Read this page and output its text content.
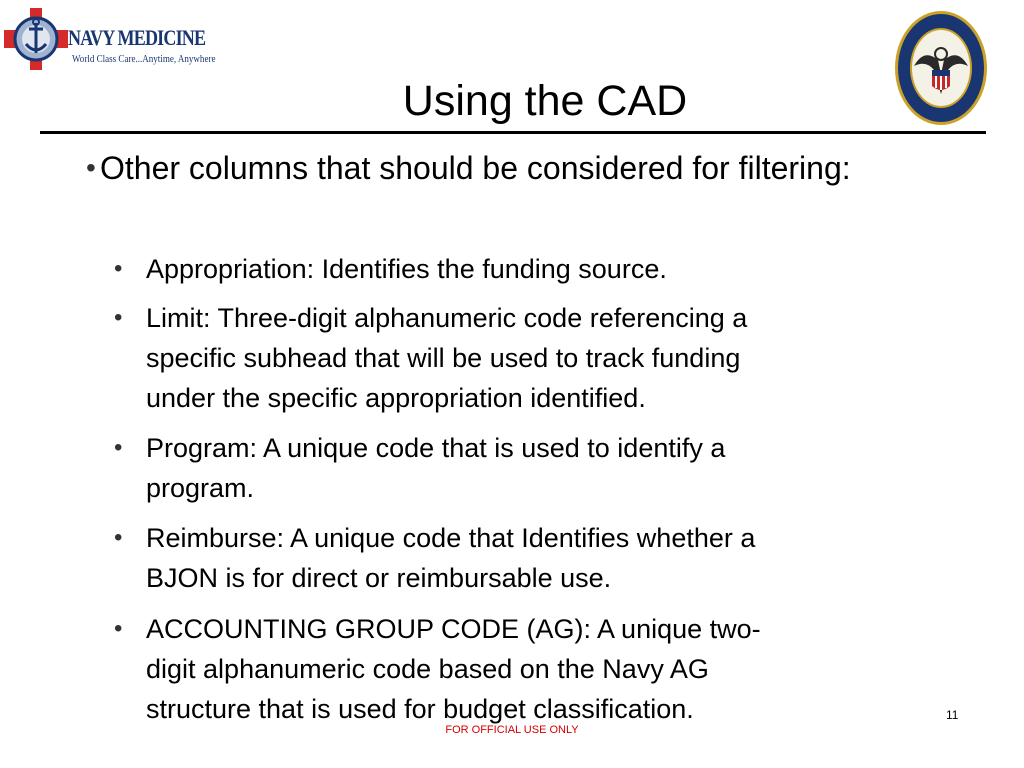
NAVY MEDICINE
World Class Care...Anytime, Anywhere
Using the CAD
• Other columns that should be considered for filtering:
• Appropriation: Identifies the funding source.
• Limit: Three-digit alphanumeric code referencing a
specific subhead that will be used to track funding
under the specific appropriation identified.
• Program: A unique code that is used to identify a
program.
• Reimburse: A unique code that Identifies whether a
BJON is for direct or reimbursable use.
• ACCOUNTING GROUP CODE (AG): A unique two-
digit alphanumeric code based on the Navy AG
structure that is used for budget classification.	11
FOR OFFICIAL USE ONLY
